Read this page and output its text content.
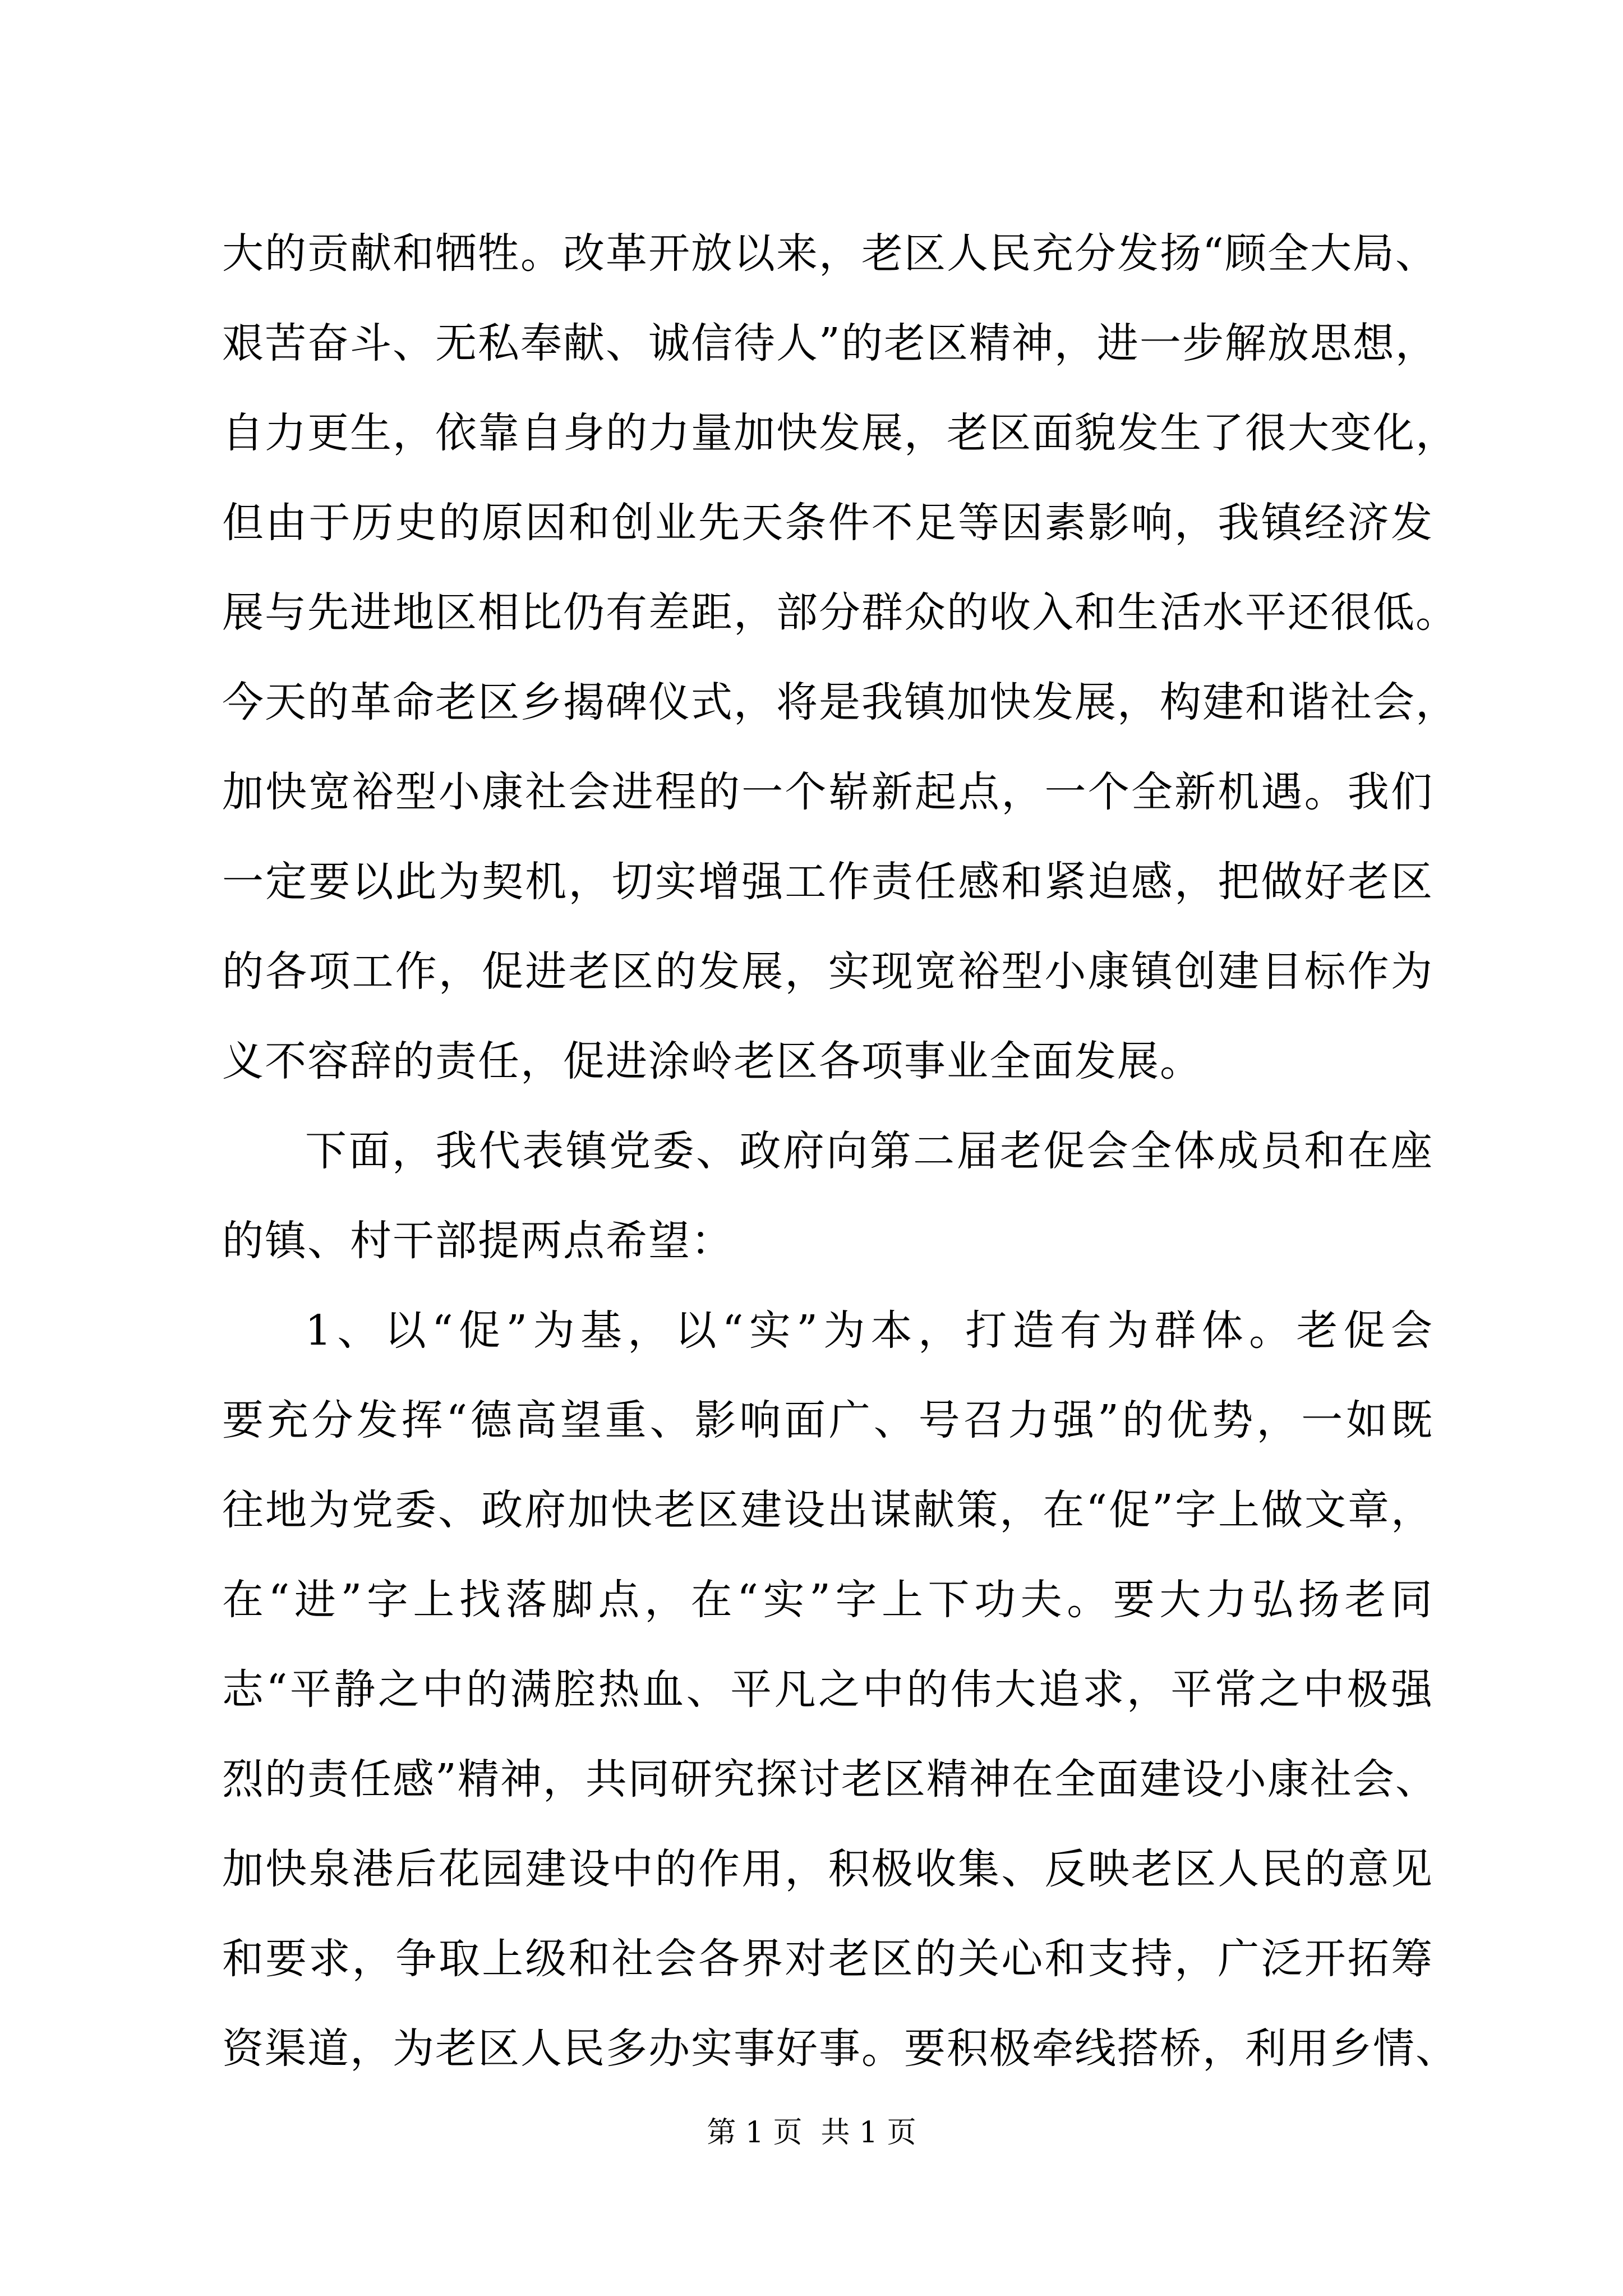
大的贡献和牺牲。改革开放以来，老区人民充分发扬“顾全大局、
艰苦奋斗、无私奉献、诚信待人”的老区精神，进一步解放思想，
自力更生，依靠自身的力量加快发展，老区面貌发生了很大变化，
但由于历史的原因和创业先天条件不足等因素影响，我镇经济发
展与先进地区相比仍有差距，部分群众的收入和生活水平还很低。
今天的革命老区乡揭碑仪式，将是我镇加快发展，构建和谐社会，
加快宽裕型小康社会进程的一个崭新起点，一个全新机遇。我们
一定要以此为契机，切实增强工作责任感和紧迫感，把做好老区
的各项工作，促进老区的发展，实现宽裕型小康镇创建目标作为
义不容辞的责任，促进涂岭老区各项事业全面发展。
下面，我代表镇党委、政府向第二届老促会全体成员和在座
的镇、村干部提两点希望：
1、以“促”为基，以“实”为本，打造有为群体。老促会
要充分发挥“德高望重、影响面广、号召力强”的优势，一如既
往地为党委、政府加快老区建设出谋献策，在“促”字上做文章，
在“进”字上找落脚点，在“实”字上下功夫。要大力弘扬老同
志“平静之中的满腔热血、平凡之中的伟大追求，平常之中极强
烈的责任感”精神，共同研究探讨老区精神在全面建设小康社会、
加快泉港后花园建设中的作用，积极收集、反映老区人民的意见
和要求，争取上级和社会各界对老区的关心和支持，广泛开拓筹
资渠道，为老区人民多办实事好事。要积极牵线搭桥，利用乡情、
第 1 页  共 1 页
